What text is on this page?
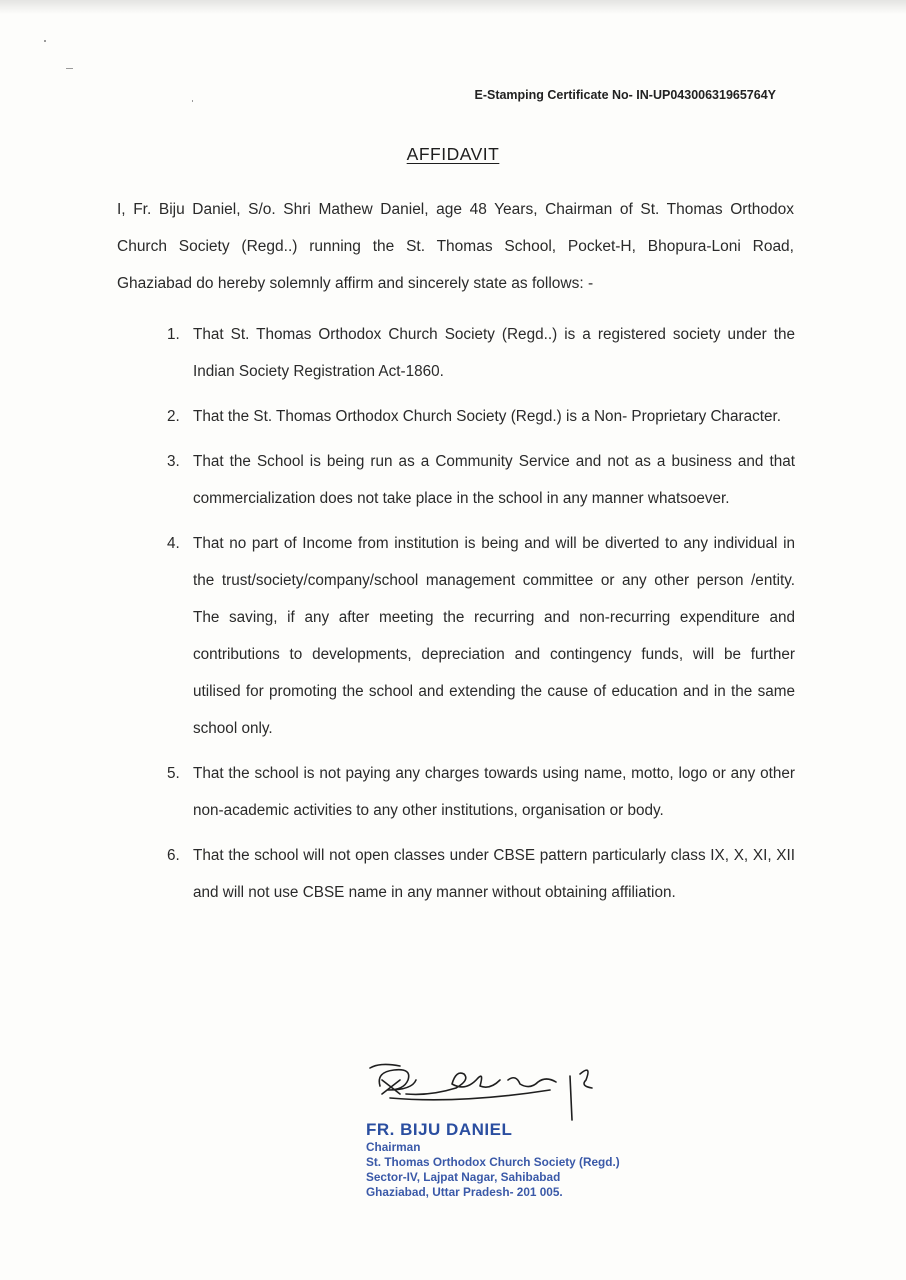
E-Stamping Certificate No- IN-UP04300631965764Y
AFFIDAVIT

I, Fr. Biju Daniel, S/o. Shri Mathew Daniel, age 48 Years, Chairman of St. Thomas Orthodox Church Society (Regd..) running the St. Thomas School, Pocket-H, Bhopura-Loni Road, Ghaziabad do hereby solemnly affirm and sincerely state as follows: -

1. That St. Thomas Orthodox Church Society (Regd..) is a registered society under the Indian Society Registration Act-1860.
2. That the St. Thomas Orthodox Church Society (Regd.) is a Non- Proprietary Character.
3. That the School is being run as a Community Service and not as a business and that commercialization does not take place in the school in any manner whatsoever.
4. That no part of Income from institution is being and will be diverted to any individual in the trust/society/company/school management committee or any other person /entity. The saving, if any after meeting the recurring and non-recurring expenditure and contributions to developments, depreciation and contingency funds, will be further utilised for promoting the school and extending the cause of education and in the same school only.
5. That the school is not paying any charges towards using name, motto, logo or any other non-academic activities to any other institutions, organisation or body.
6. That the school will not open classes under CBSE pattern particularly class IX, X, XI, XII and will not use CBSE name in any manner without obtaining affiliation.
FR. BIJU DANIEL
Chairman
St. Thomas Orthodox Church Society (Regd.)
Sector-IV, Lajpat Nagar, Sahibabad
Ghaziabad, Uttar Pradesh- 201 005.
